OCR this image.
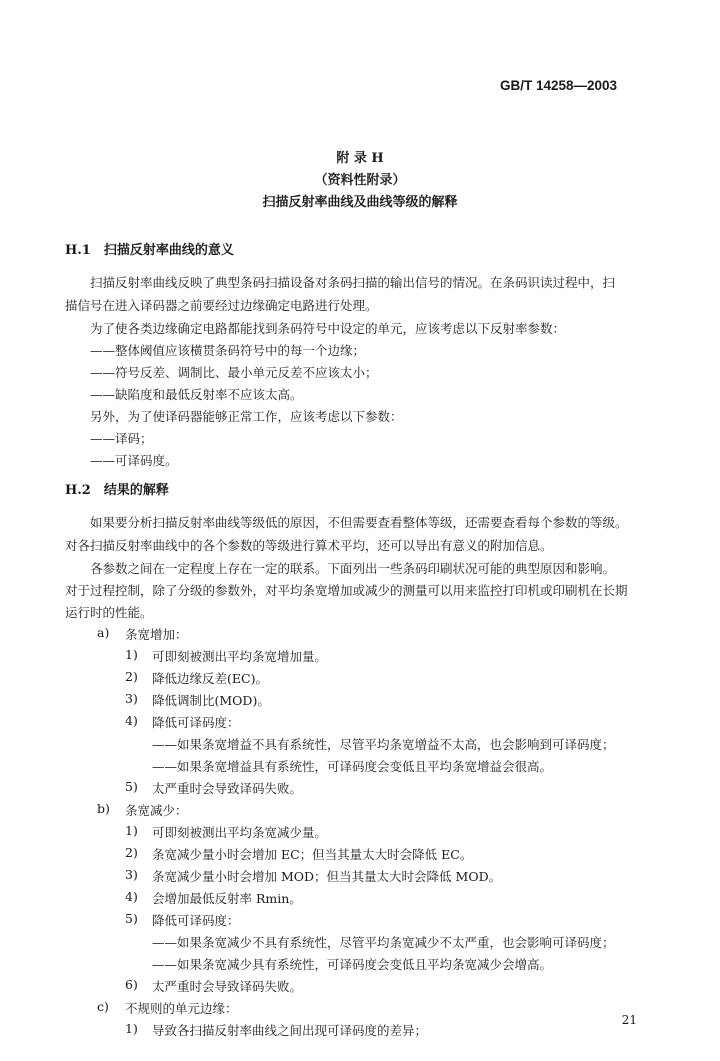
GB/T 14258—2003
附 录 H
（资料性附录）
扫描反射率曲线及曲线等级的解释
H.1　扫描反射率曲线的意义
扫描反射率曲线反映了典型条码扫描设备对条码扫描的输出信号的情况。在条码识读过程中，扫
描信号在进入译码器之前要经过边缘确定电路进行处理。
为了使各类边缘确定电路都能找到条码符号中设定的单元，应该考虑以下反射率参数：
——整体阈值应该横贯条码符号中的每一个边缘；
——符号反差、调制比、最小单元反差不应该太小；
——缺陷度和最低反射率不应该太高。
另外，为了使译码器能够正常工作，应该考虑以下参数：
——译码；
——可译码度。
H.2　结果的解释
如果要分析扫描反射率曲线等级低的原因，不但需要查看整体等级，还需要查看每个参数的等级。
对各扫描反射率曲线中的各个参数的等级进行算术平均，还可以导出有意义的附加信息。
各参数之间在一定程度上存在一定的联系。下面列出一些条码印刷状况可能的典型原因和影响。
对于过程控制，除了分级的参数外，对平均条宽增加或减少的测量可以用来监控打印机或印刷机在长期
运行时的性能。
a) 条宽增加：
1) 可即刻被测出平均条宽增加量。
2) 降低边缘反差(EC)。
3) 降低调制比(MOD)。
4) 降低可译码度：
——如果条宽增益不具有系统性，尽管平均条宽增益不太高，也会影响到可译码度；
——如果条宽增益具有系统性，可译码度会变低且平均条宽增益会很高。
5) 太严重时会导致译码失败。
b) 条宽减少：
1) 可即刻被测出平均条宽减少量。
2) 条宽减少量小时会增加 EC；但当其量太大时会降低 EC。
3) 条宽减少量小时会增加 MOD；但当其量太大时会降低 MOD。
4) 会增加最低反射率 Rmin。
5) 降低可译码度：
——如果条宽减少不具有系统性，尽管平均条宽减少不太严重，也会影响可译码度；
——如果条宽减少具有系统性，可译码度会变低且平均条宽减少会增高。
6) 太严重时会导致译码失败。
c) 不规则的单元边缘：
1) 导致各扫描反射率曲线之间出现可译码度的差异；
21
